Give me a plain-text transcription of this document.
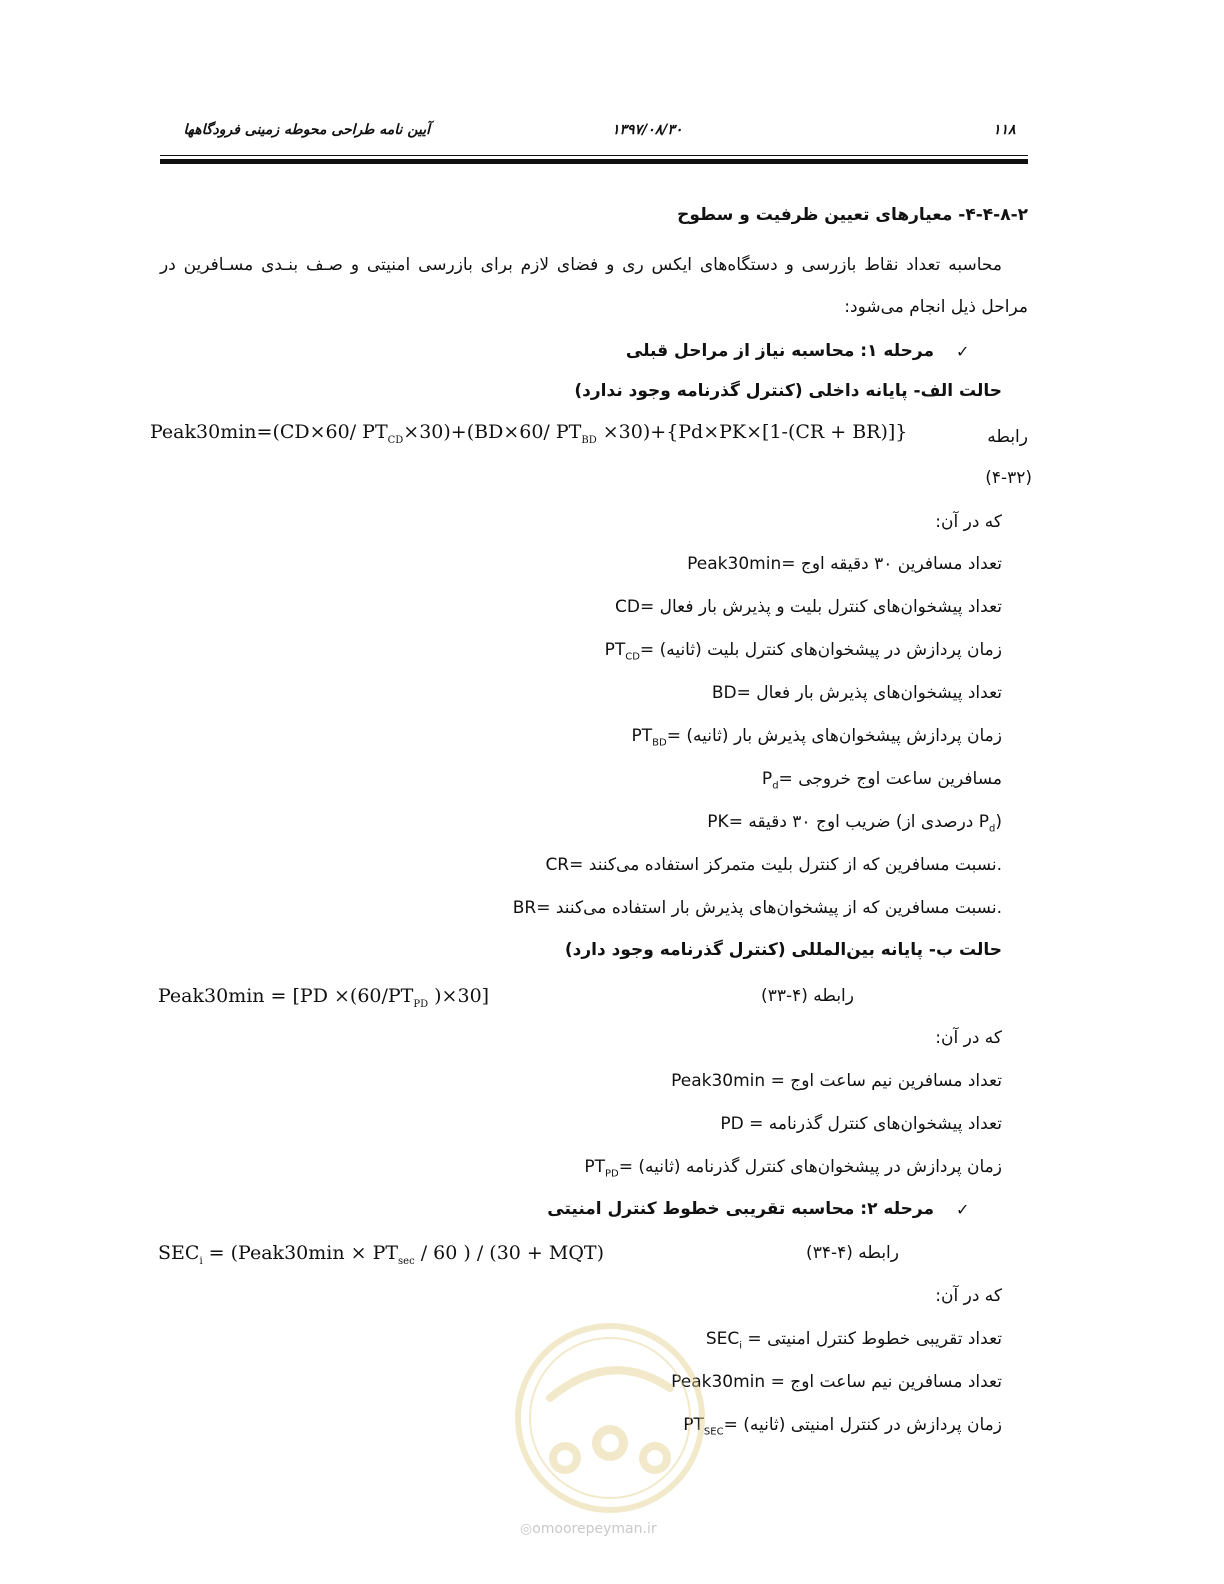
۱۱۸
۱۳۹۷/۰۸/۳۰
آیین نامه طراحی محوطه زمینی فرودگاهها
۴-۴-۸-۲- معیارهای تعیین ظرفیت و سطوح
محاسبه تعداد نقاط بازرسی و دستگاه‌های ایکس ری و فضای لازم برای بازرسی امنیتی و صـف بنـدی مسـافرین در
مراحل ذیل انجام می‌شود:
✓
مرحله ۱: محاسبه نیاز از مراحل قبلی
حالت الف- پایانه داخلی (کنترل گذرنامه وجود ندارد)
رابطه
Peak30min=(CD×60/ $PT_{CD}\times 30)+(BD\times 60/$ $PT_{BD} \times 30)+\{Pd\times PK\times[1-(CR + BR)]\}$
(۴-۳۲)
که در آن:
Peak30min= تعداد مسافرین ۳۰ دقیقه اوج
CD= تعداد پیشخوان‌های کنترل بلیت و پذیرش بار فعال
$PT_{CD}=$ زمان پردازش در پیشخوان‌های کنترل بلیت (ثانیه)
BD= تعداد پیشخوان‌های پذیرش بار فعال
$PT_{BD}=$ زمان پردازش پیشخوان‌های پذیرش بار (ثانیه)
$P_d=$ مسافرین ساعت اوج خروجی
PK= ضریب اوج ۳۰ دقیقه (درصدی از $P_d$)
CR= نسبت مسافرین که از کنترل بلیت متمرکز استفاده می‌کنند.
BR= نسبت مسافرین که از پیشخوان‌های پذیرش بار استفاده می‌کنند.
حالت ب- پایانه بین‌المللی (کنترل گذرنامه وجود دارد)
Peak30min = [$PD \times(60/PT_{PD}$ )×30]	رابطه (۴-۳۳)
که در آن:
Peak30min = تعداد مسافرین نیم ساعت اوج
PD = تعداد پیشخوان‌های کنترل گذرنامه
$PT_{PD}=$ زمان پردازش در پیشخوان‌های کنترل گذرنامه (ثانیه)
✓
مرحله ۲: محاسبه تقریبی خطوط کنترل امنیتی
$SEC_i$ = (Peak30min × $PT_{sec} / 60$ ) / (30 + MQT)	رابطه (۴-۳۴)
که در آن:
$SEC_i$ = تعداد تقریبی خطوط کنترل امنیتی
Peak30min = تعداد مسافرین نیم ساعت اوج
$PT_{SEC}=$ زمان پردازش در کنترل امنیتی (ثانیه)
◎omoorepeyman.ir
